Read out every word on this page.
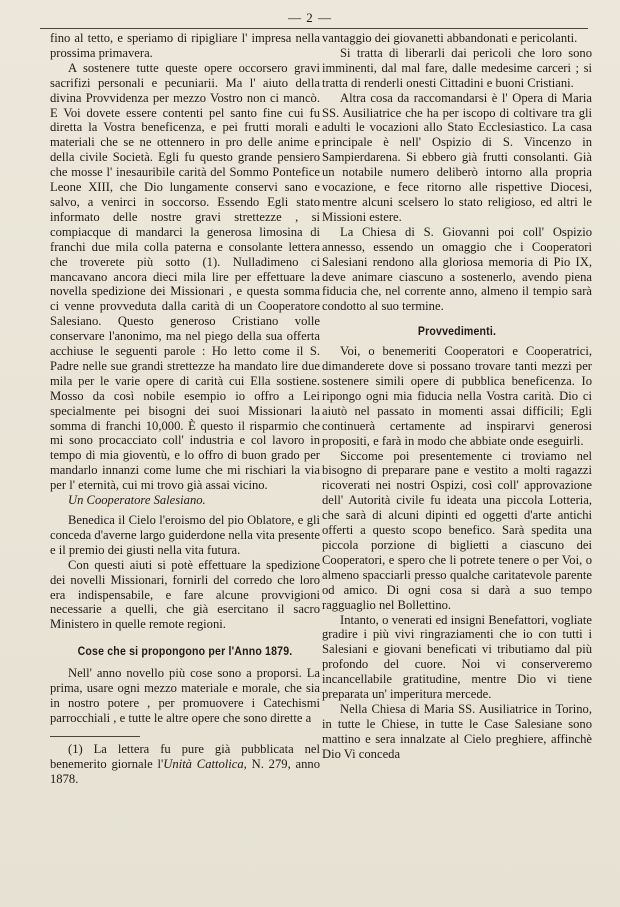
— 2 —

fino al tetto, e speriamo di ripigliare l' impresa nella prossima primavera.

A sostenere tutte queste opere occorsero gravi sacrifizi personali e pecuniarii. Ma l' aiuto della divina Provvidenza per mezzo Vostro non ci mancò. E Voi dovete essere contenti pel santo fine cui fu diretta la Vostra beneficenza, e pei frutti morali e materiali che se ne ottennero in pro delle anime e della civile Società. Egli fu questo grande pensiero che mosse l' inesauribile carità del Sommo Pontefice Leone XIII, che Dio lungamente conservi sano e salvo, a venirci in soccorso. Essendo Egli stato informato delle nostre gravi strettezze , si compiacque di mandarci la generosa limosina di franchi due mila colla paterna e consolante lettera che troverete più sotto (1). Nulladimeno ci mancavano ancora dieci mila lire per effettuare la novella spedizione dei Missionari , e questa somma ci venne provveduta dalla carità di un Cooperatore Salesiano. Questo generoso Cristiano volle conservare l'anonimo, ma nel piego della sua offerta acchiuse le seguenti parole : Ho letto come il S. Padre nelle sue grandi strettezze ha mandato lire due mila per le varie opere di carità cui Ella sostiene. Mosso da così nobile esempio io offro a Lei specialmente pei bisogni dei suoi Missionari la somma di franchi 10,000. È questo il risparmio che mi sono procacciato coll' industria e col lavoro in tempo di mia gioventù, e lo offro di buon grado per mandarlo innanzi come lume che mi rischiari la via per l' eternità, cui mi trovo già assai vicino.

Un Cooperatore Salesiano.

Benedica il Cielo l'eroismo del pio Oblatore, e gli conceda d'averne largo guiderdone nella vita presente e il premio dei giusti nella vita futura.

Con questi aiuti si potè effettuare la spedizione dei novelli Missionari, fornirli del corredo che loro era indispensabile, e fare alcune provvigioni necessarie a quelli, che già esercitano il sacro Ministero in quelle remote regioni.

Cose che si propongono per l'Anno 1879.

Nell' anno novello più cose sono a proporsi. La prima, usare ogni mezzo materiale e morale, che sia in nostro potere , per promuovere i Catechismi parrocchiali , e tutte le altre opere che sono dirette a

(1) La lettera fu pure già pubblicata nel benemerito giornale l'Unità Cattolica, N. 279, anno 1878.

vantaggio dei giovanetti abbandonati e pericolanti.

Si tratta di liberarli dai pericoli che loro sono imminenti, dal mal fare, dalle medesime carceri ; si tratta di renderli onesti Cittadini e buoni Cristiani.

Altra cosa da raccomandarsi è l' Opera di Maria SS. Ausiliatrice che ha per iscopo di coltivare tra gli adulti le vocazioni allo Stato Ecclesiastico. La casa principale è nell' Ospizio di S. Vincenzo in Sampierdarena. Si ebbero già frutti consolanti. Già un notabile numero deliberò intorno alla propria vocazione, e fece ritorno alle rispettive Diocesi, mentre alcuni scelsero lo stato religioso, ed altri le Missioni estere.

La Chiesa di S. Giovanni poi coll' Ospizio annesso, essendo un omaggio che i Cooperatori Salesiani rendono alla gloriosa memoria di Pio IX, deve animare ciascuno a sostenerlo, avendo piena fiducia che, nel corrente anno, almeno il tempio sarà condotto al suo termine.

Provvedimenti.

Voi, o benemeriti Cooperatori e Cooperatrici, dimanderete dove si possano trovare tanti mezzi per sostenere simili opere di pubblica beneficenza. Io ripongo ogni mia fiducia nella Vostra carità. Dio ci aiutò nel passato in momenti assai difficili; Egli continuerà certamente ad inspirarvi generosi propositi, e farà in modo che abbiate onde eseguirli.

Siccome poi presentemente ci troviamo nel bisogno di preparare pane e vestito a molti ragazzi ricoverati nei nostri Ospizi, così coll' approvazione dell' Autorità civile fu ideata una piccola Lotteria, che sarà di alcuni dipinti ed oggetti d'arte antichi offerti a questo scopo benefico. Sarà spedita una piccola porzione di biglietti a ciascuno dei Cooperatori, e spero che li potrete tenere o per Voi, o almeno spacciarli presso qualche caritatevole parente od amico. Di ogni cosa si darà a suo tempo ragguaglio nel Bollettino.

Intanto, o venerati ed insigni Benefattori, vogliate gradire i più vivi ringraziamenti che io con tutti i Salesiani e giovani beneficati vi tributiamo dal più profondo del cuore. Noi vi conserveremo incancellabile gratitudine, mentre Dio vi tiene preparata un' imperitura mercede.

Nella Chiesa di Maria SS. Ausiliatrice in Torino, in tutte le Chiese, in tutte le Case Salesiane sono mattino e sera innalzate al Cielo preghiere, affinchè Dio Vi conceda
